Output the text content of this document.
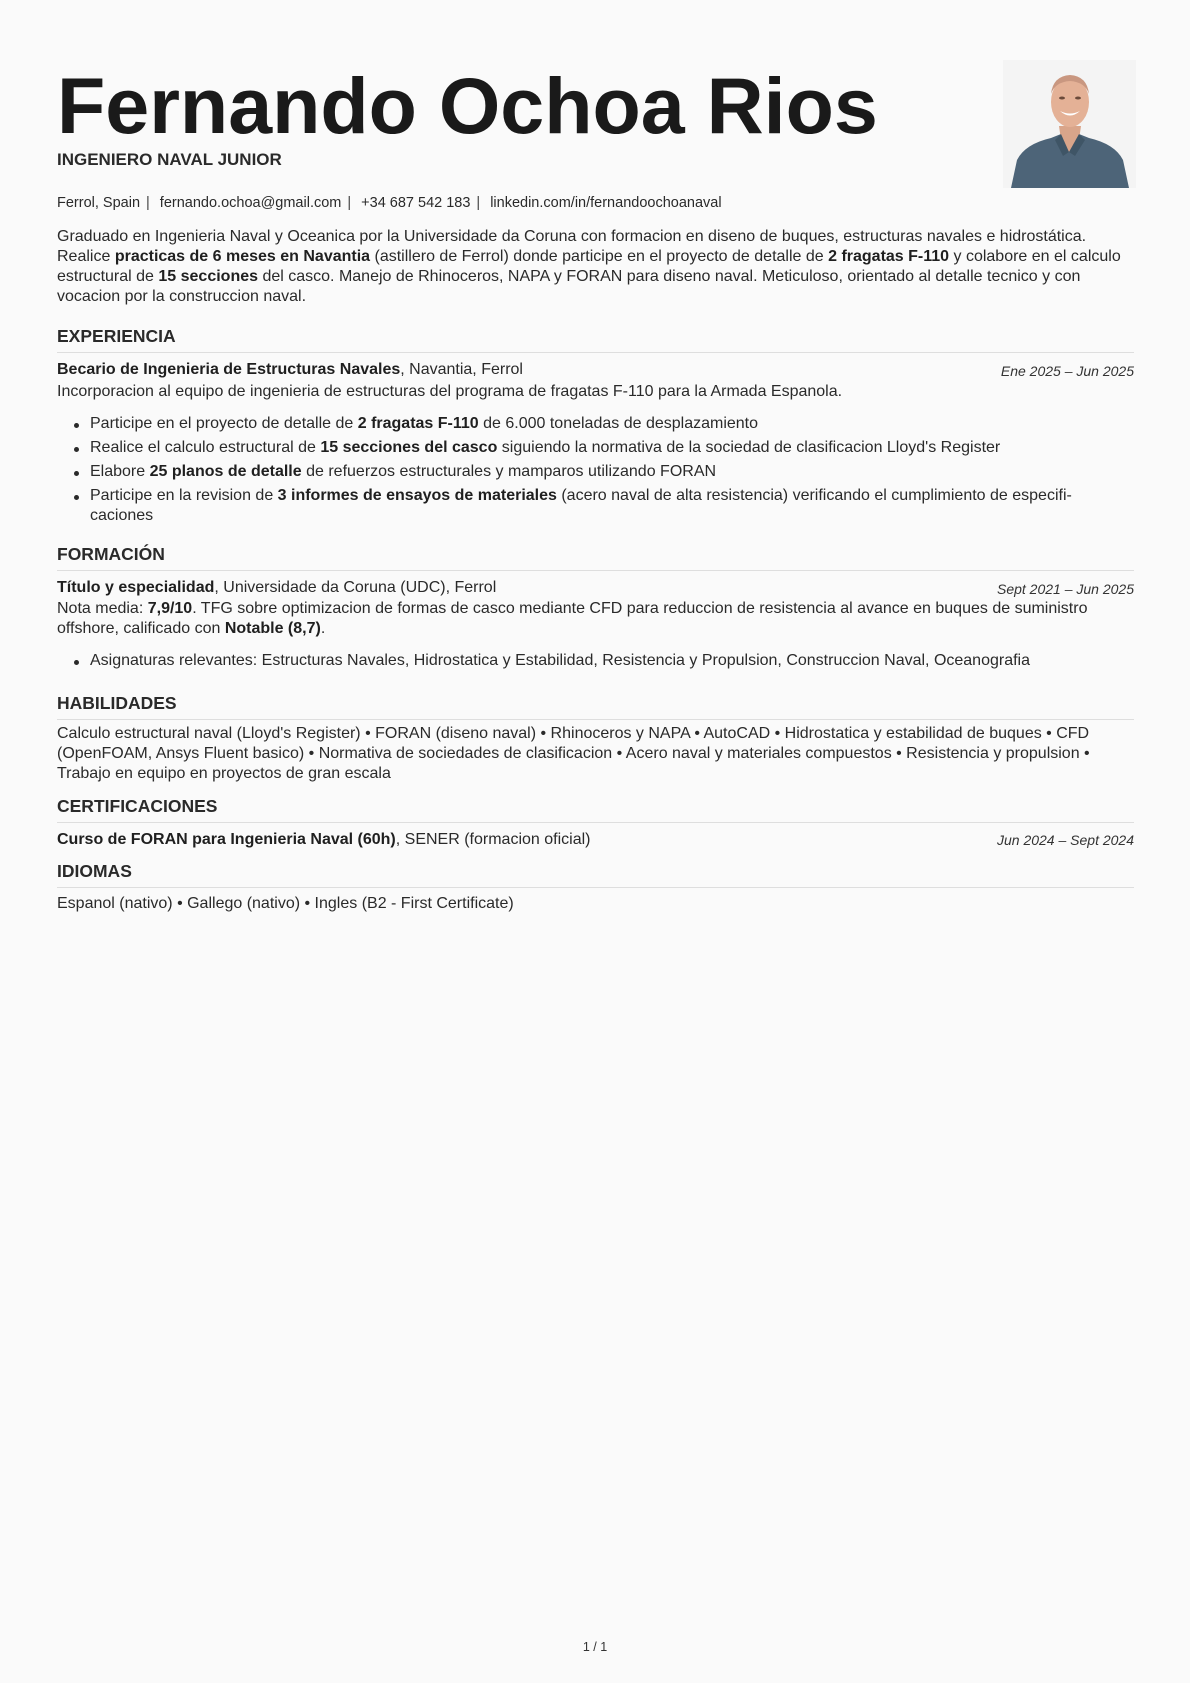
Fernando Ochoa Rios
INGENIERO NAVAL JUNIOR
Ferrol, Spain | fernando.ochoa@gmail.com | +34 687 542 183 | linkedin.com/in/fernandoochoanaval
Graduado en Ingenieria Naval y Oceanica por la Universidade da Coruna con formacion en diseno de buques, estructuras navales e hidrostática. Realice practicas de 6 meses en Navantia (astillero de Ferrol) donde participe en el proyecto de detalle de 2 fragatas F-110 y colabore en el calculo estructural de 15 secciones del casco. Manejo de Rhinoceros, NAPA y FORAN para diseno naval. Meticuloso, orientado al detalle tecnico y con vocacion por la construccion naval.
EXPERIENCIA
Becario de Ingenieria de Estructuras Navales, Navantia, Ferrol	Ene 2025 – Jun 2025
Incorporacion al equipo de ingenieria de estructuras del programa de fragatas F-110 para la Armada Espanola.
Participe en el proyecto de detalle de 2 fragatas F-110 de 6.000 toneladas de desplazamiento
Realice el calculo estructural de 15 secciones del casco siguiendo la normativa de la sociedad de clasificacion Lloyd's Register
Elabore 25 planos de detalle de refuerzos estructurales y mamparos utilizando FORAN
Participe en la revision de 3 informes de ensayos de materiales (acero naval de alta resistencia) verificando el cumplimiento de especifi- caciones
FORMACIÓN
Título y especialidad, Universidade da Coruna (UDC), Ferrol	Sept 2021 – Jun 2025
Nota media: 7,9/10. TFG sobre optimizacion de formas de casco mediante CFD para reduccion de resistencia al avance en buques de suministro offshore, calificado con Notable (8,7).
Asignaturas relevantes: Estructuras Navales, Hidrostatica y Estabilidad, Resistencia y Propulsion, Construccion Naval, Oceanografia
HABILIDADES
Calculo estructural naval (Lloyd's Register) • FORAN (diseno naval) • Rhinoceros y NAPA • AutoCAD • Hidrostatica y estabilidad de buques • CFD (OpenFOAM, Ansys Fluent basico) • Normativa de sociedades de clasificacion • Acero naval y materiales compuestos • Resistencia y propulsion • Trabajo en equipo en proyectos de gran escala
CERTIFICACIONES
Curso de FORAN para Ingenieria Naval (60h), SENER (formacion oficial)	Jun 2024 – Sept 2024
IDIOMAS
Espanol (nativo) • Gallego (nativo) • Ingles (B2 - First Certificate)
1 / 1
